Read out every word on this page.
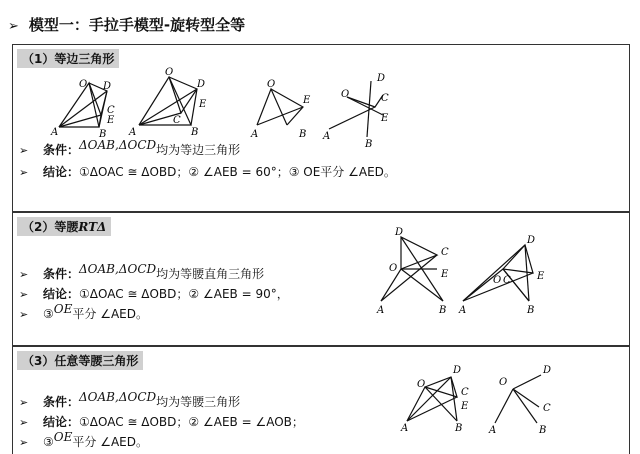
➢ 模型一：手拉手模型-旋转型全等
（1）等边三角形
A	B
C
D
E
O
A	B
C
D
E
O
A	B
O
E
A
B
D
C
E
O
➢ 条件：ΔOAB,ΔOCD均为等边三角形
➢ 结论：①ΔOAC ≅ ΔOBD；② ∠AEB = 60°；③ OE平分 ∠AED。
（2）等腰RTΔ
A	B
C
D
E
O
A	B
C
D
E
O
➢ 条件：ΔOAB,ΔOCD均为等腰直角三角形
➢ 结论：①ΔOAC ≅ ΔOBD；② ∠AEB = 90°，
➢ ③OE平分 ∠AED。
（3）任意等腰三角形
A	B
C
D
E
O
A	B
D
C
O
➢ 条件：ΔOAB,ΔOCD均为等腰三角形
➢ 结论：①ΔOAC ≅ ΔOBD；② ∠AEB = ∠AOB；
➢ ③OE平分 ∠AED。
